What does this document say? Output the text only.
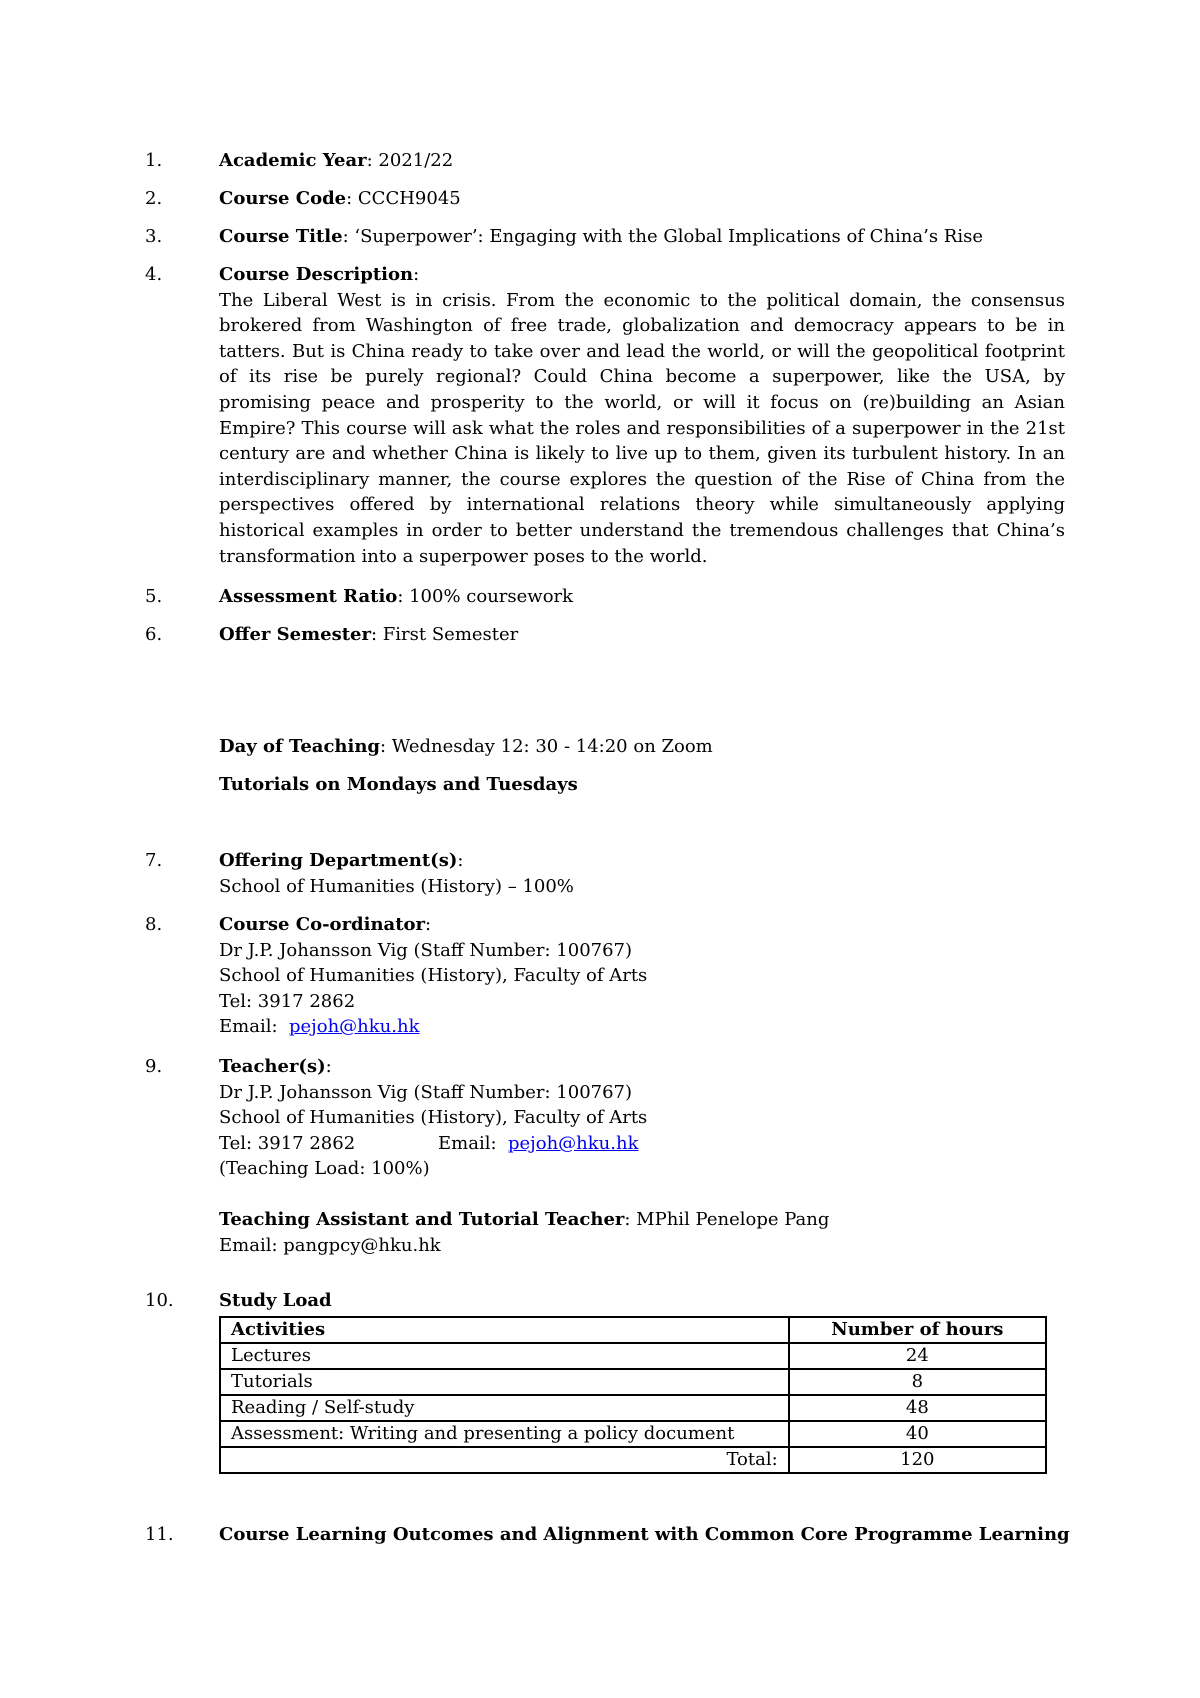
1.	Academic Year: 2021/22
2.	Course Code: CCCH9045
3.	Course Title: ‘Superpower’: Engaging with the Global Implications of China’s Rise
4.	Course Description:
The Liberal West is in crisis. From the economic to the political domain, the consensus brokered from Washington of free trade, globalization and democracy appears to be in tatters. But is China ready to take over and lead the world, or will the geopolitical footprint of its rise be purely regional? Could China become a superpower, like the USA, by promising peace and prosperity to the world, or will it focus on (re)building an Asian Empire? This course will ask what the roles and responsibilities of a superpower in the 21st century are and whether China is likely to live up to them, given its turbulent history. In an interdisciplinary manner, the course explores the question of the Rise of China from the perspectives offered by international relations theory while simultaneously applying historical examples in order to better understand the tremendous challenges that China’s transformation into a superpower poses to the world.
5.	Assessment Ratio: 100% coursework
6.	Offer Semester: First Semester
Day of Teaching: Wednesday 12: 30 - 14:20 on Zoom
Tutorials on Mondays and Tuesdays
7.	Offering Department(s):
School of Humanities (History) – 100%
8.	Course Co-ordinator:
Dr J.P. Johansson Vig (Staff Number: 100767)
School of Humanities (History), Faculty of Arts
Tel: 3917 2862
Email: pejoh@hku.hk
9.	Teacher(s):
Dr J.P. Johansson Vig (Staff Number: 100767)
School of Humanities (History), Faculty of Arts
Tel: 3917 2862	Email: pejoh@hku.hk
(Teaching Load: 100%)
Teaching Assistant and Tutorial Teacher: MPhil Penelope Pang
Email: pangpcy@hku.hk
10.	Study Load
Activities	Number of hours
Lectures	24
Tutorials	8
Reading / Self-study	48
Assessment: Writing and presenting a policy document	40
Total:	120
11.	Course Learning Outcomes and Alignment with Common Core Programme Learning
